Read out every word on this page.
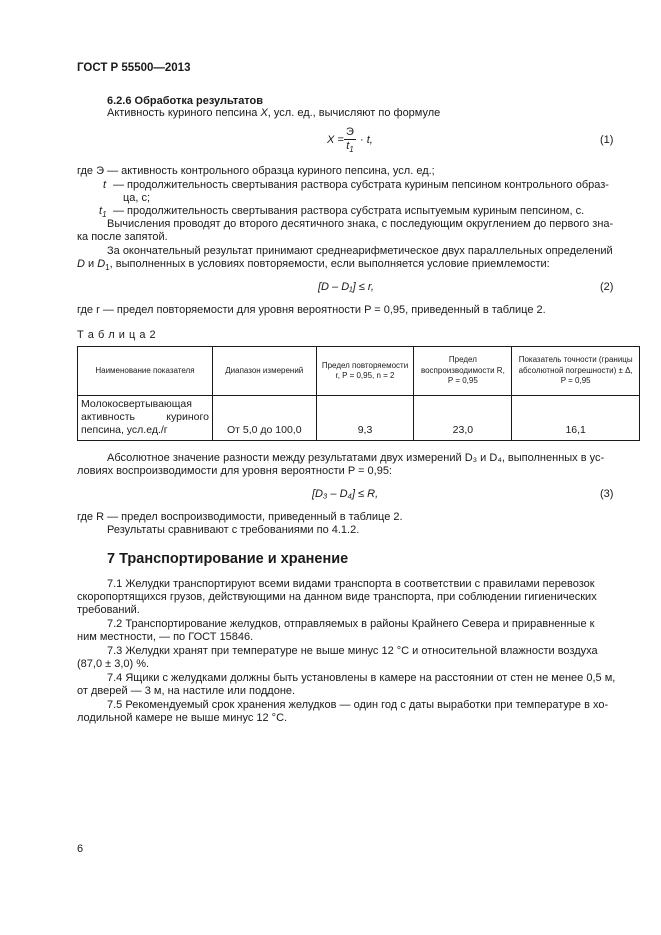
ГОСТ Р 55500—2013
6.2.6 Обработка результатов
Активность куриного пепсина X, усл. ед., вычисляют по формуле
X =
Э
$t_1$
· t,	(1)
где Э — активность контрольного образца куриного пепсина, усл. ед.;
t — продолжительность свертывания раствора субстрата куриным пепсином контрольного образ-
ца, с;
$t_1$ — продолжительность свертывания раствора субстрата испытуемым куриным пепсином, с.
Вычисления проводят до второго десятичного знака, с последующим округлением до первого зна-
ка после запятой.
За окончательный результат принимают среднеарифметическое двух параллельных определений
D и $D_1$, выполненных в условиях повторяемости, если выполняется условие приемлемости:
[D – D₁] ≤ r,	(2)
где r — предел повторяемости для уровня вероятности P = 0,95, приведенный в таблице 2.
Т а б л и ц а 2
Наименование показателя	Диапазон измерений	Предел повторяемости r, P = 0,95, n = 2	Предел воспроизводимости R, P = 0,95	Показатель точности (границы абсолютной погрешности) ± Δ, P = 0,95
Молокосвертывающая активность куриного пепсина, усл.ед./г	От 5,0 до 100,0	9,3	23,0	16,1
Абсолютное значение разности между результатами двух измерений D₃ и D₄, выполненных в ус-
ловиях воспроизводимости для уровня вероятности P = 0,95:
[D₃ – D₄] ≤ R,	(3)
где R — предел воспроизводимости, приведенный в таблице 2.
Результаты сравнивают с требованиями по 4.1.2.
7 Транспортирование и хранение
7.1 Желудки транспортируют всеми видами транспорта в соответствии с правилами перевозок
скоропортящихся грузов, действующими на данном виде транспорта, при соблюдении гигиенических
требований.
7.2 Транспортирование желудков, отправляемых в районы Крайнего Севера и приравненные к
ним местности, — по ГОСТ 15846.
7.3 Желудки хранят при температуре не выше минус 12 °С и относительной влажности воздуха
(87,0 ± 3,0) %.
7.4 Ящики с желудками должны быть установлены в камере на расстоянии от стен не менее 0,5 м,
от дверей — 3 м, на настиле или поддоне.
7.5 Рекомендуемый срок хранения желудков — один год с даты выработки при температуре в хо-
лодильной камере не выше минус 12 °С.
6
